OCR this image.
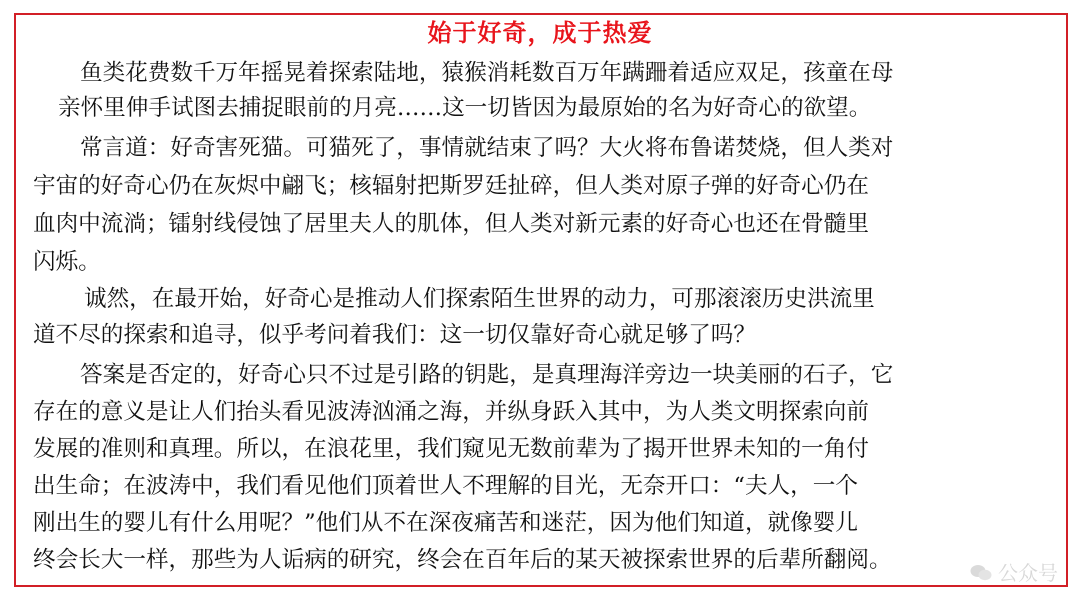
始于好奇，成于热爱
鱼类花费数千万年摇晃着探索陆地，猿猴消耗数百万年蹒跚着适应双足，孩童在母
亲怀里伸手试图去捕捉眼前的月亮……这一切皆因为最原始的名为好奇心的欲望。
常言道：好奇害死猫。可猫死了，事情就结束了吗？大火将布鲁诺焚烧，但人类对
宇宙的好奇心仍在灰烬中翩飞；核辐射把斯罗廷扯碎，但人类对原子弹的好奇心仍在
血肉中流淌；镭射线侵蚀了居里夫人的肌体，但人类对新元素的好奇心也还在骨髓里
闪烁。
诚然，在最开始，好奇心是推动人们探索陌生世界的动力，可那滚滚历史洪流里
道不尽的探索和追寻，似乎考问着我们：这一切仅靠好奇心就足够了吗？
答案是否定的，好奇心只不过是引路的钥匙，是真理海洋旁边一块美丽的石子，它
存在的意义是让人们抬头看见波涛汹涌之海，并纵身跃入其中，为人类文明探索向前
发展的准则和真理。所以，在浪花里，我们窥见无数前辈为了揭开世界未知的一角付
出生命；在波涛中，我们看见他们顶着世人不理解的目光，无奈开口：“夫人，一个
刚出生的婴儿有什么用呢？”他们从不在深夜痛苦和迷茫，因为他们知道，就像婴儿
终会长大一样，那些为人诟病的研究，终会在百年后的某天被探索世界的后辈所翻阅。	公众号
